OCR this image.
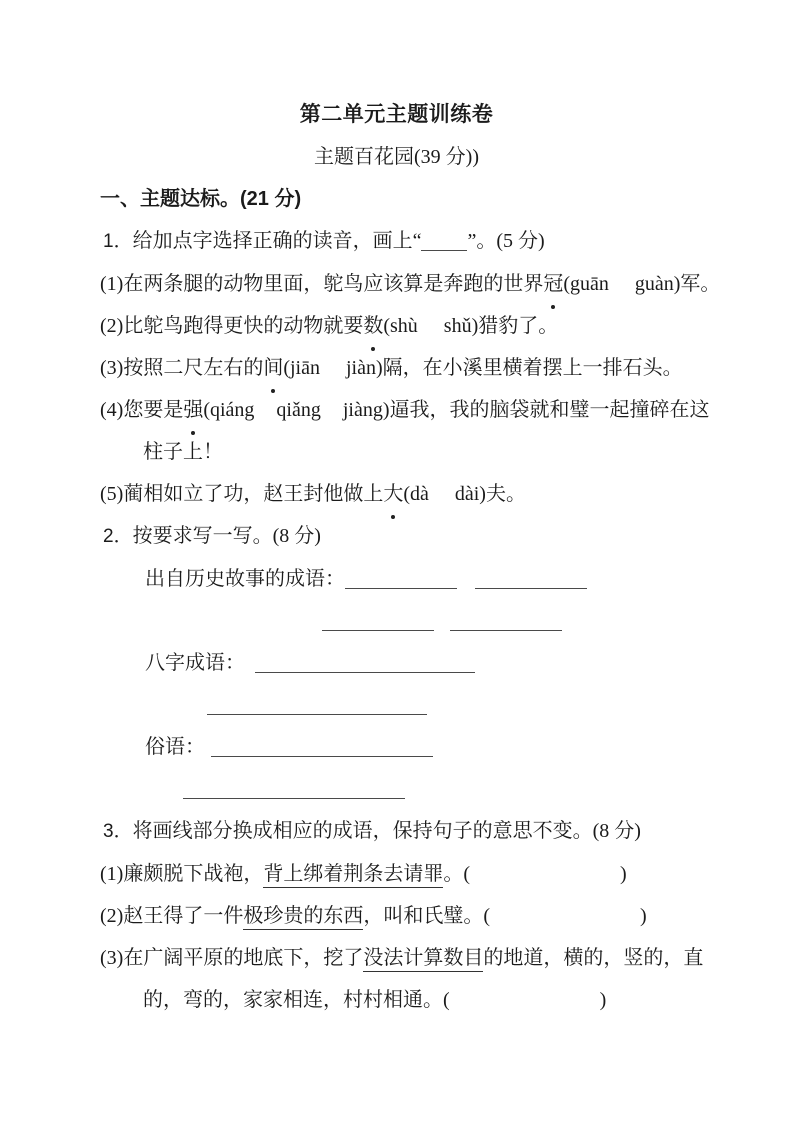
第二单元主题训练卷
主题百花园(39 分))
一、主题达标。(21 分)
1．给加点字选择正确的读音，画上“ ”。(5 分)
(1)在两条腿的动物里面，鸵鸟应该算是奔跑的世界冠(guān guàn)军。
(2)比鸵鸟跑得更快的动物就要数(shù shǔ)猎豹了。
(3)按照二尺左右的间(jiān jiàn)隔，在小溪里横着摆上一排石头。
(4)您要是强(qiáng qiǎng jiàng)逼我，我的脑袋就和璧一起撞碎在这
柱子上！
(5)蔺相如立了功，赵王封他做上大(dà dài)夫。
2．按要求写一写。(8 分)
出自历史故事的成语：
八字成语：
俗语：
3．将画线部分换成相应的成语，保持句子的意思不变。(8 分)
(1)廉颇脱下战袍，背上绑着荆条去请罪。(	)
(2)赵王得了一件极珍贵的东西，叫和氏璧。(	)
(3)在广阔平原的地底下，挖了没法计算数目的地道，横的，竖的，直
的，弯的，家家相连，村村相通。(	)
